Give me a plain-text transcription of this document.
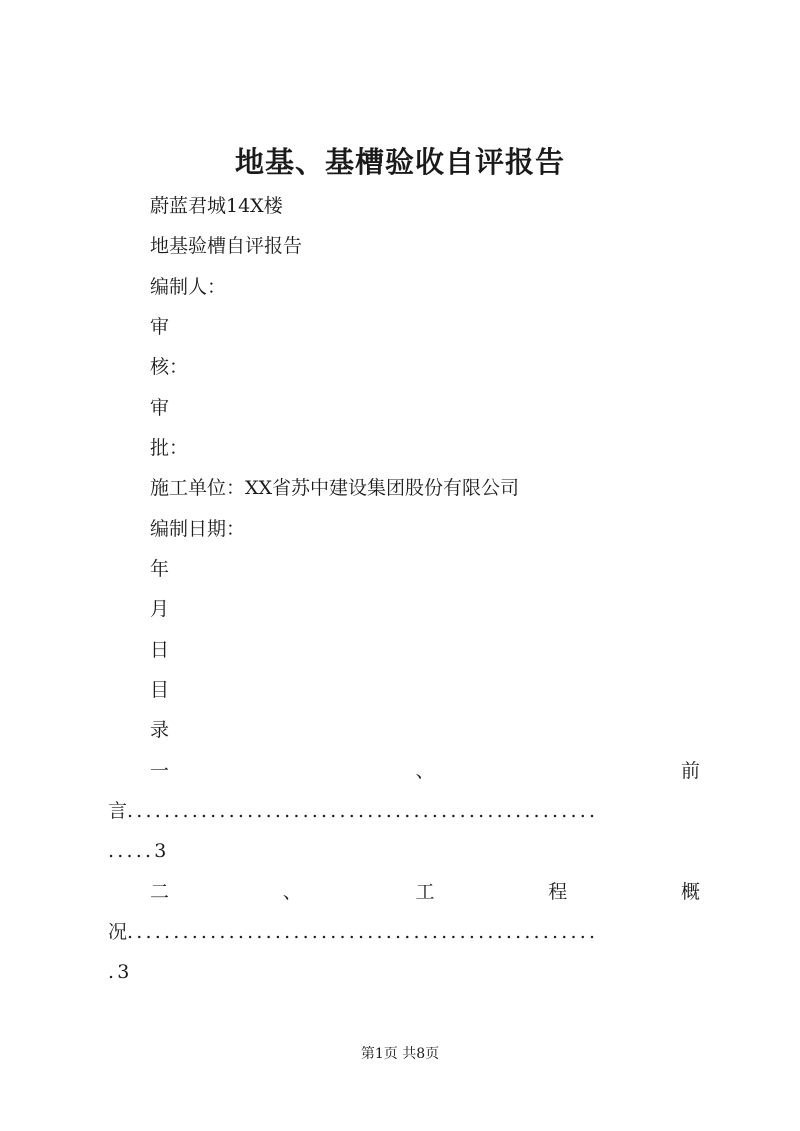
地基、基槽验收自评报告
蔚蓝君城14X楼
地基验槽自评报告
编制人：
审
核：
审
批：
施工单位：XX省苏中建设集团股份有限公司
编制日期：
年
月
日
目
录
一	、	前
言...................................................
.....3
二	、	工	程	概
况...................................................
.3
第1页 共8页
